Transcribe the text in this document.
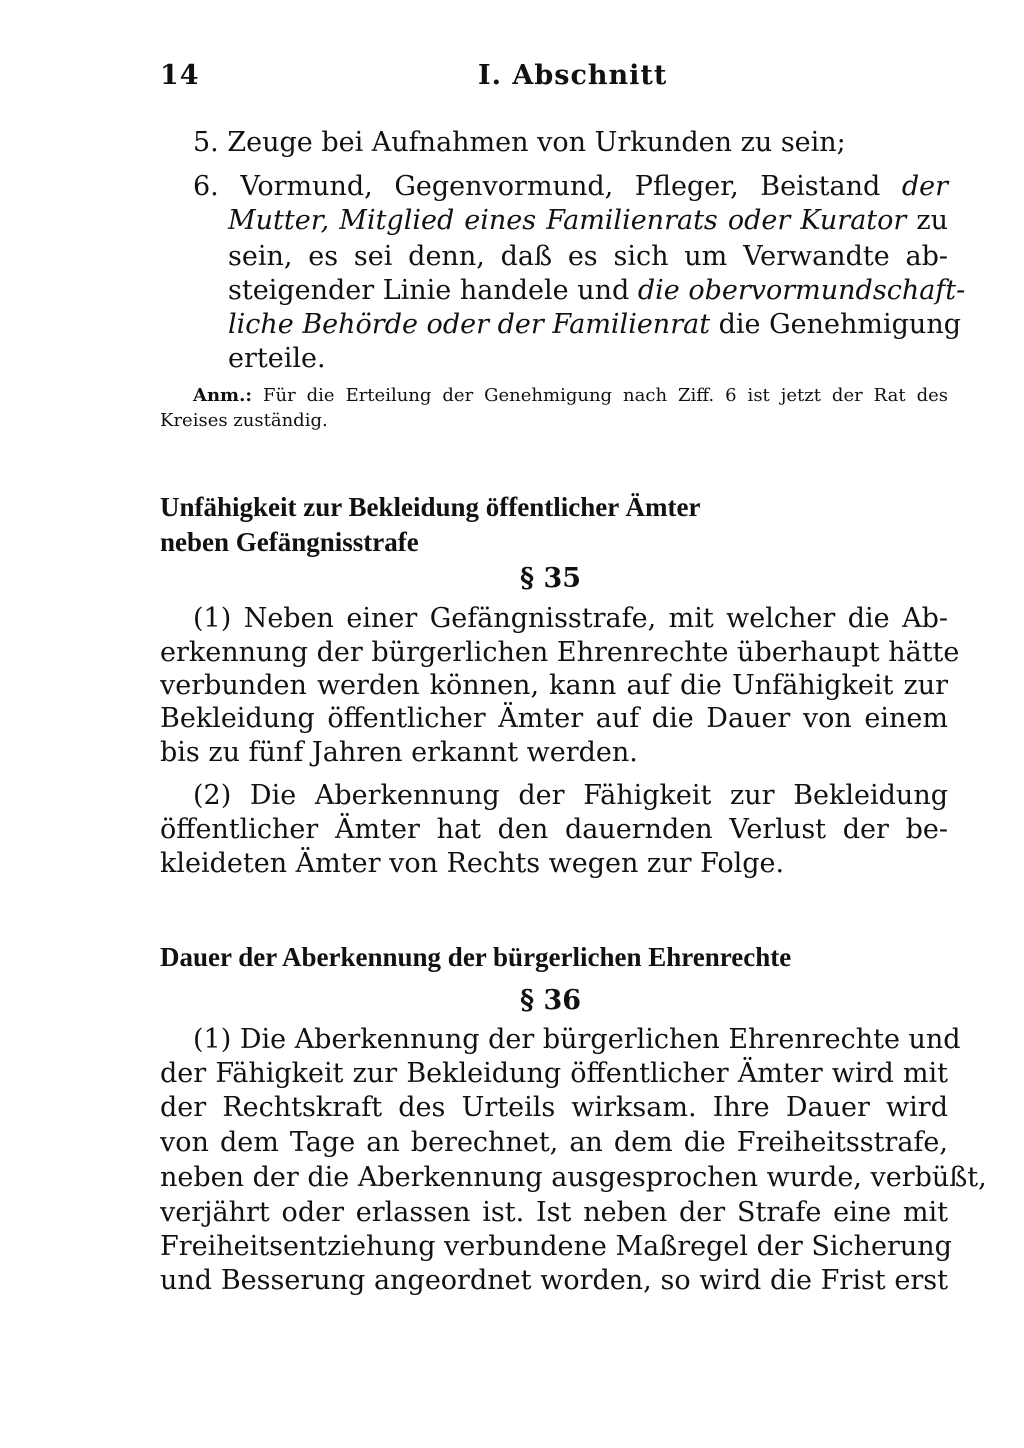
14	I. Abschnitt
5. Zeuge bei Aufnahmen von Urkunden zu sein;
6. Vormund, Gegenvormund, Pfleger, Beistand der
Mutter, Mitglied eines Familienrats oder Kurator zu
sein, es sei denn, daß es sich um Verwandte ab-
steigender Linie handele und die obervormundschaft-
liche Behörde oder der Familienrat die Genehmigung
erteile.
Anm.: Für die Erteilung der Genehmigung nach Ziff. 6 ist jetzt der Rat des
Kreises zuständig.
Unfähigkeit zur Bekleidung öffentlicher Ämter
neben Gefängnisstrafe
§ 35
(1) Neben einer Gefängnisstrafe, mit welcher die Ab-
erkennung der bürgerlichen Ehrenrechte überhaupt hätte
verbunden werden können, kann auf die Unfähigkeit zur
Bekleidung öffentlicher Ämter auf die Dauer von einem
bis zu fünf Jahren erkannt werden.
(2) Die Aberkennung der Fähigkeit zur Bekleidung
öffentlicher Ämter hat den dauernden Verlust der be-
kleideten Ämter von Rechts wegen zur Folge.
Dauer der Aberkennung der bürgerlichen Ehrenrechte
§ 36
(1) Die Aberkennung der bürgerlichen Ehrenrechte und
der Fähigkeit zur Bekleidung öffentlicher Ämter wird mit
der Rechtskraft des Urteils wirksam. Ihre Dauer wird
von dem Tage an berechnet, an dem die Freiheitsstrafe,
neben der die Aberkennung ausgesprochen wurde, verbüßt,
verjährt oder erlassen ist. Ist neben der Strafe eine mit
Freiheitsentziehung verbundene Maßregel der Sicherung
und Besserung angeordnet worden, so wird die Frist erst
